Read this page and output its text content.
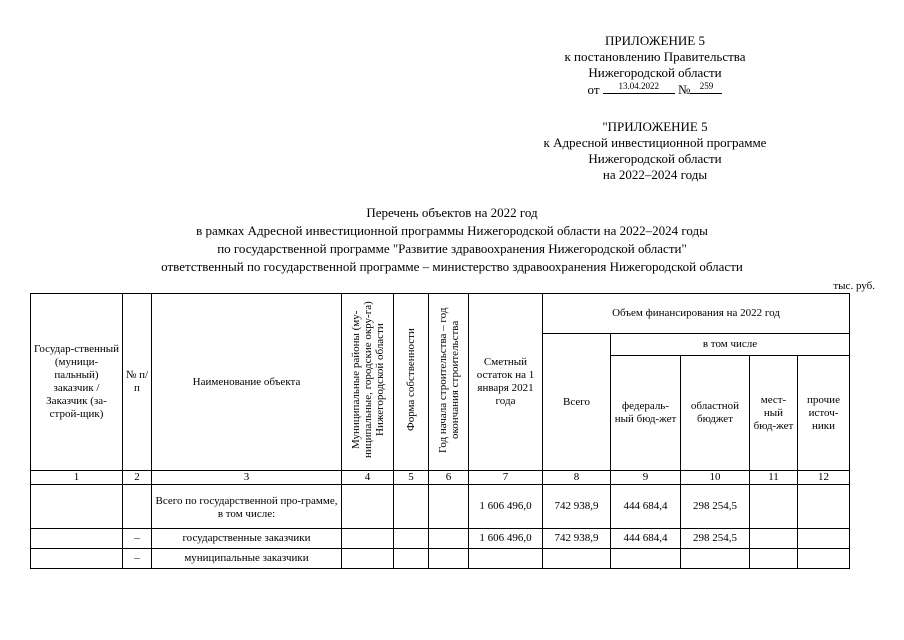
ПРИЛОЖЕНИЕ 5
к постановлению Правительства
Нижегородской области
от	13.04.2022	№	259
"ПРИЛОЖЕНИЕ 5
к Адресной инвестиционной программе
Нижегородской области
на 2022–2024 годы
Перечень объектов на 2022 год
в рамках Адресной инвестиционной программы Нижегородской области на 2022–2024 годы
по государственной программе "Развитие здравоохранения Нижегородской области"
ответственный по государственной программе – министерство здравоохранения Нижегородской области
тыс. руб.
Государ-ственный (муници-пальный) заказчик / Заказчик (за-строй-щик)	№ п/п	Наименование объекта	Муниципальные районы (му-ниципальные, городские окру-га) Нижегородской области	Форма собственности	Год начала строительства – год окончания строительства	Сметный остаток на 1 января 2021 года	Объем финансирования на 2022 год				
							Всего	в том числе			
								федераль-ный бюд-жет	областной бюджет	мест-ный бюд-жет	прочие источ-ники
1	2	3	4	5	6	7	8	9	10	11	12
		Всего по государственной про-грамме, в том числе:				1 606 496,0	742 938,9	444 684,4	298 254,5		
	–	государственные заказчики				1 606 496,0	742 938,9	444 684,4	298 254,5		
	–	муниципальные заказчики									
